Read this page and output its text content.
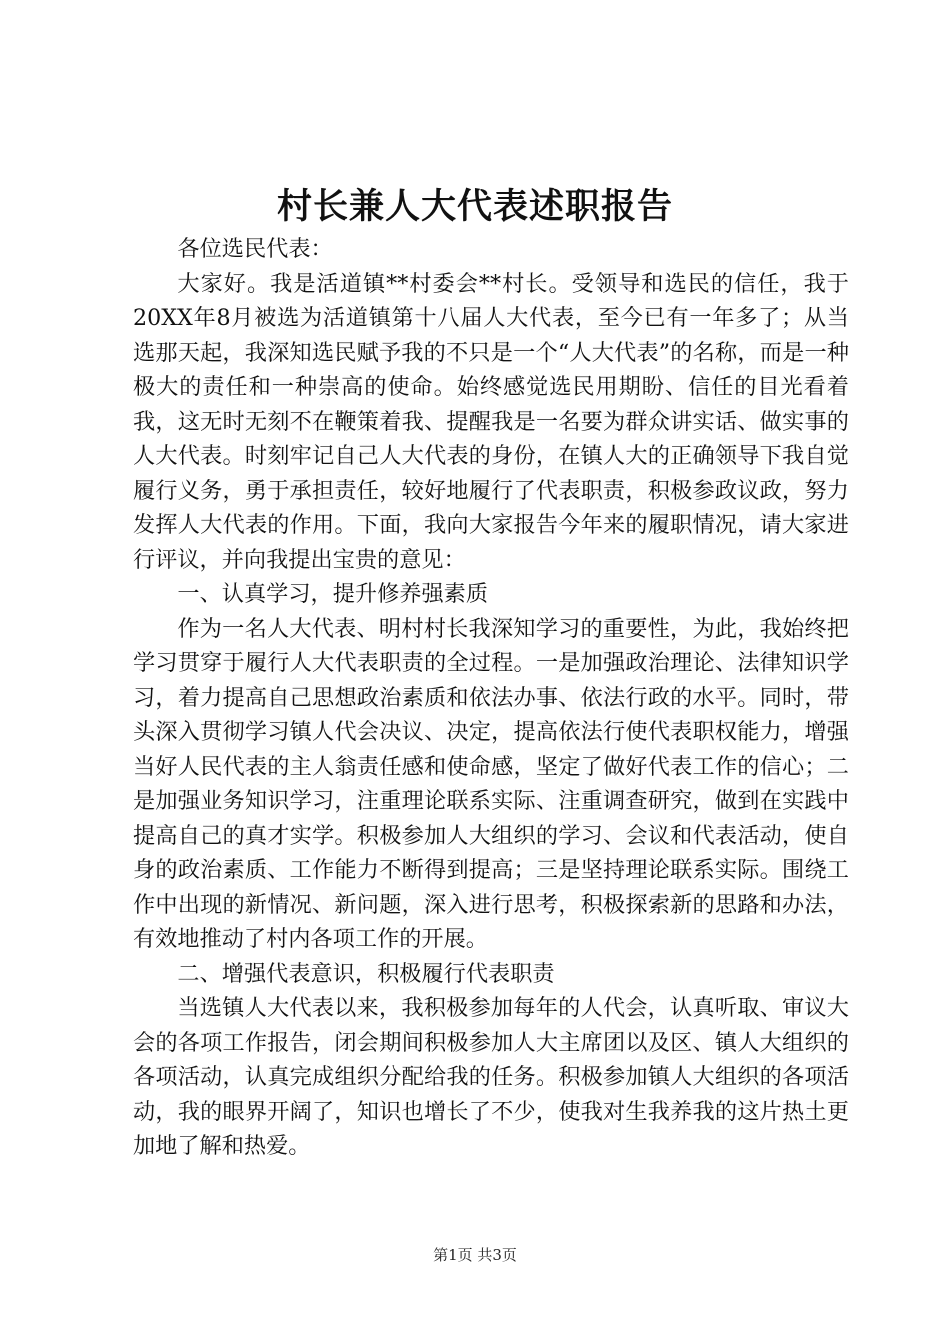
村长兼人大代表述职报告

各位选民代表：

大家好。我是活道镇**村委会**村长。受领导和选民的信任，我于20XX年8月被选为活道镇第十八届人大代表，至今已有一年多了；从当选那天起，我深知选民赋予我的不只是一个“人大代表”的名称，而是一种极大的责任和一种崇高的使命。始终感觉选民用期盼、信任的目光看着我，这无时无刻不在鞭策着我、提醒我是一名要为群众讲实话、做实事的人大代表。时刻牢记自己人大代表的身份，在镇人大的正确领导下我自觉履行义务，勇于承担责任，较好地履行了代表职责，积极参政议政，努力发挥人大代表的作用。下面，我向大家报告今年来的履职情况，请大家进行评议，并向我提出宝贵的意见：

一、认真学习，提升修养强素质

作为一名人大代表、明村村长我深知学习的重要性，为此，我始终把学习贯穿于履行人大代表职责的全过程。一是加强政治理论、法律知识学习，着力提高自己思想政治素质和依法办事、依法行政的水平。同时，带头深入贯彻学习镇人代会决议、决定，提高依法行使代表职权能力，增强当好人民代表的主人翁责任感和使命感，坚定了做好代表工作的信心；二是加强业务知识学习，注重理论联系实际、注重调查研究，做到在实践中提高自己的真才实学。积极参加人大组织的学习、会议和代表活动，使自身的政治素质、工作能力不断得到提高；三是坚持理论联系实际。围绕工作中出现的新情况、新问题，深入进行思考，积极探索新的思路和办法，有效地推动了村内各项工作的开展。

二、增强代表意识，积极履行代表职责

当选镇人大代表以来，我积极参加每年的人代会，认真听取、审议大会的各项工作报告，闭会期间积极参加人大主席团以及区、镇人大组织的各项活动，认真完成组织分配给我的任务。积极参加镇人大组织的各项活动，我的眼界开阔了，知识也增长了不少，使我对生我养我的这片热土更加地了解和热爱。

第1页 共3页
